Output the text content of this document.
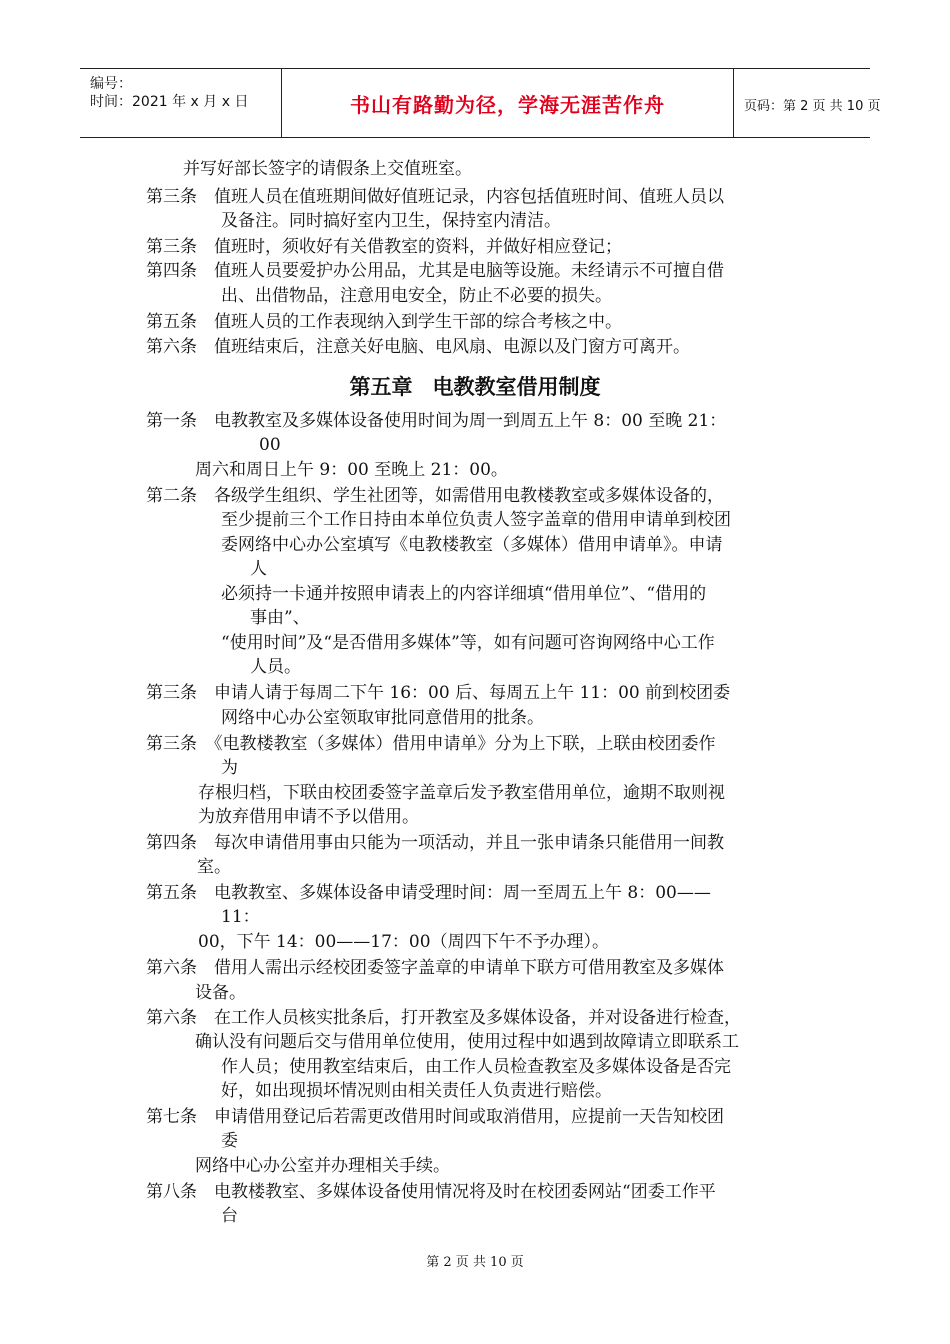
编号：
时间：2021 年 x 月 x 日	书山有路勤为径，学海无涯苦作舟	页码：第 2 页 共 10 页
并写好部长签字的请假条上交值班室。
第三条　值班人员在值班期间做好值班记录，内容包括值班时间、值班人员以
及备注。同时搞好室内卫生，保持室内清洁。
第三条　值班时，须收好有关借教室的资料，并做好相应登记；
第四条　值班人员要爱护办公用品，尤其是电脑等设施。未经请示不可擅自借
出、出借物品，注意用电安全，防止不必要的损失。
第五条　值班人员的工作表现纳入到学生干部的综合考核之中。
第六条　值班结束后，注意关好电脑、电风扇、电源以及门窗方可离开。
第五章 电教教室借用制度
第一条　电教教室及多媒体设备使用时间为周一到周五上午 8：00 至晚 21：
00
周六和周日上午 9：00 至晚上 21：00。
第二条　各级学生组织、学生社团等，如需借用电教楼教室或多媒体设备的，
至少提前三个工作日持由本单位负责人签字盖章的借用申请单到校团
委网络中心办公室填写《电教楼教室（多媒体）借用申请单》。申请
人
必须持一卡通并按照申请表上的内容详细填“借用单位”、“借用的
事由”、
“使用时间”及“是否借用多媒体”等，如有问题可咨询网络中心工作
人员。
第三条　申请人请于每周二下午 16：00 后、每周五上午 11：00 前到校团委
网络中心办公室领取审批同意借用的批条。
第三条　《电教楼教室（多媒体）借用申请单》分为上下联，上联由校团委作
为
存根归档，下联由校团委签字盖章后发予教室借用单位，逾期不取则视
为放弃借用申请不予以借用。
第四条　每次申请借用事由只能为一项活动，并且一张申请条只能借用一间教
室。
第五条　电教教室、多媒体设备申请受理时间：周一至周五上午 8：00——
11：
00，下午 14：00——17：00（周四下午不予办理）。
第六条　借用人需出示经校团委签字盖章的申请单下联方可借用教室及多媒体
设备。
第六条　在工作人员核实批条后，打开教室及多媒体设备，并对设备进行检查，
确认没有问题后交与借用单位使用，使用过程中如遇到故障请立即联系工
作人员；使用教室结束后，由工作人员检查教室及多媒体设备是否完
好，如出现损坏情况则由相关责任人负责进行赔偿。
第七条　申请借用登记后若需更改借用时间或取消借用，应提前一天告知校团
委
网络中心办公室并办理相关手续。
第八条　电教楼教室、多媒体设备使用情况将及时在校团委网站“团委工作平
台
第 2 页 共 10 页
